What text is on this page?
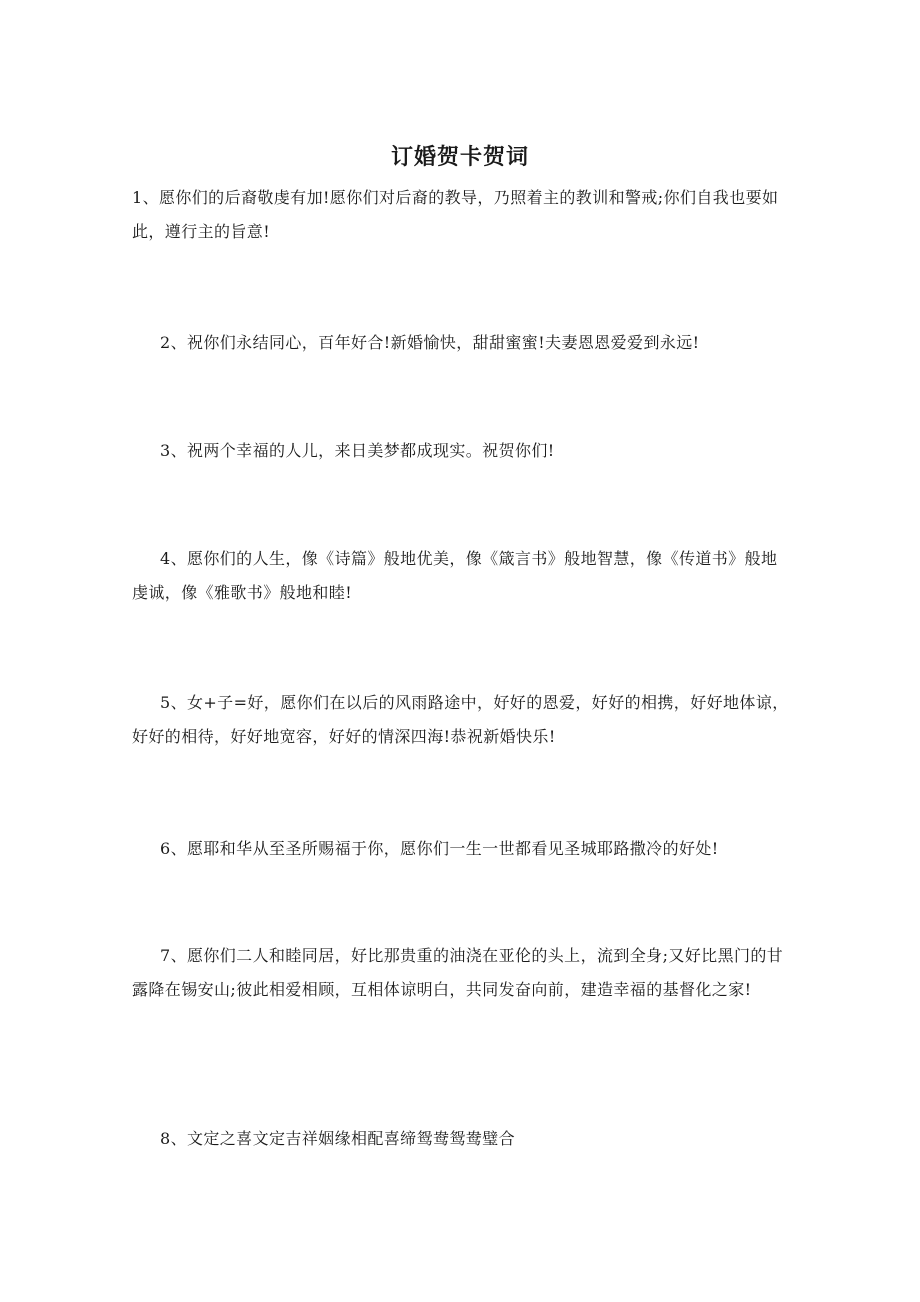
订婚贺卡贺词
1、愿你们的后裔敬虔有加!愿你们对后裔的教导，乃照着主的教训和警戒;你们自我也要如此，遵行主的旨意!
2、祝你们永结同心，百年好合!新婚愉快，甜甜蜜蜜!夫妻恩恩爱爱到永远!
3、祝两个幸福的人儿，来日美梦都成现实。祝贺你们!
4、愿你们的人生，像《诗篇》般地优美，像《箴言书》般地智慧，像《传道书》般地虔诚，像《雅歌书》般地和睦!
5、女+子=好，愿你们在以后的风雨路途中，好好的恩爱，好好的相携，好好地体谅，好好的相待，好好地宽容，好好的情深四海!恭祝新婚快乐!
6、愿耶和华从至圣所赐福于你，愿你们一生一世都看见圣城耶路撒冷的好处!
7、愿你们二人和睦同居，好比那贵重的油浇在亚伦的头上，流到全身;又好比黑门的甘露降在锡安山;彼此相爱相顾，互相体谅明白，共同发奋向前，建造幸福的基督化之家!
8、文定之喜文定吉祥姻缘相配喜缔鸳鸯鸳鸯璧合
